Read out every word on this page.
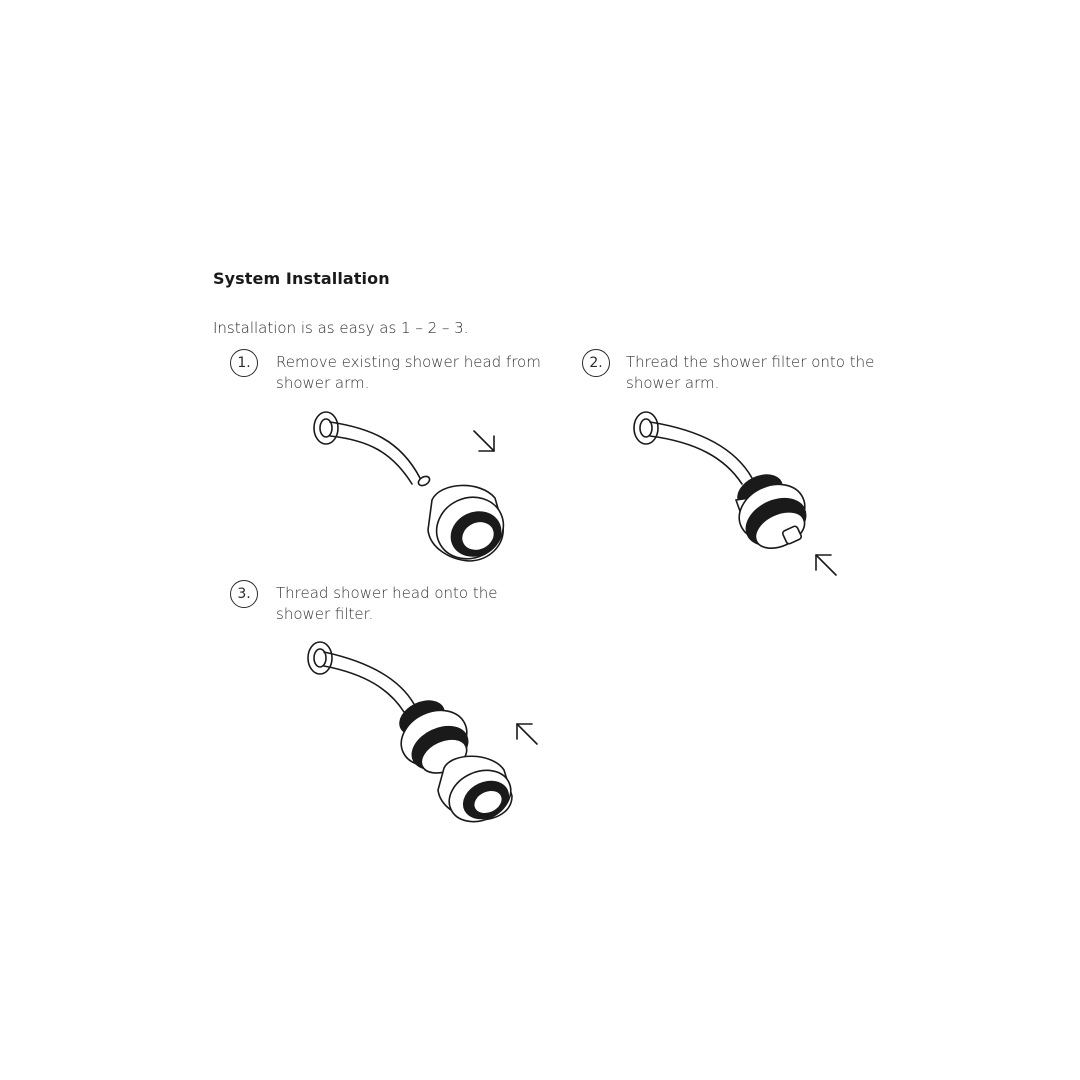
System Installation
Installation is as easy as 1 – 2 – 3.
1.	Remove existing shower head from
shower arm.
2.	Thread the shower filter onto the
shower arm.
3.	Thread shower head onto the
shower filter.
